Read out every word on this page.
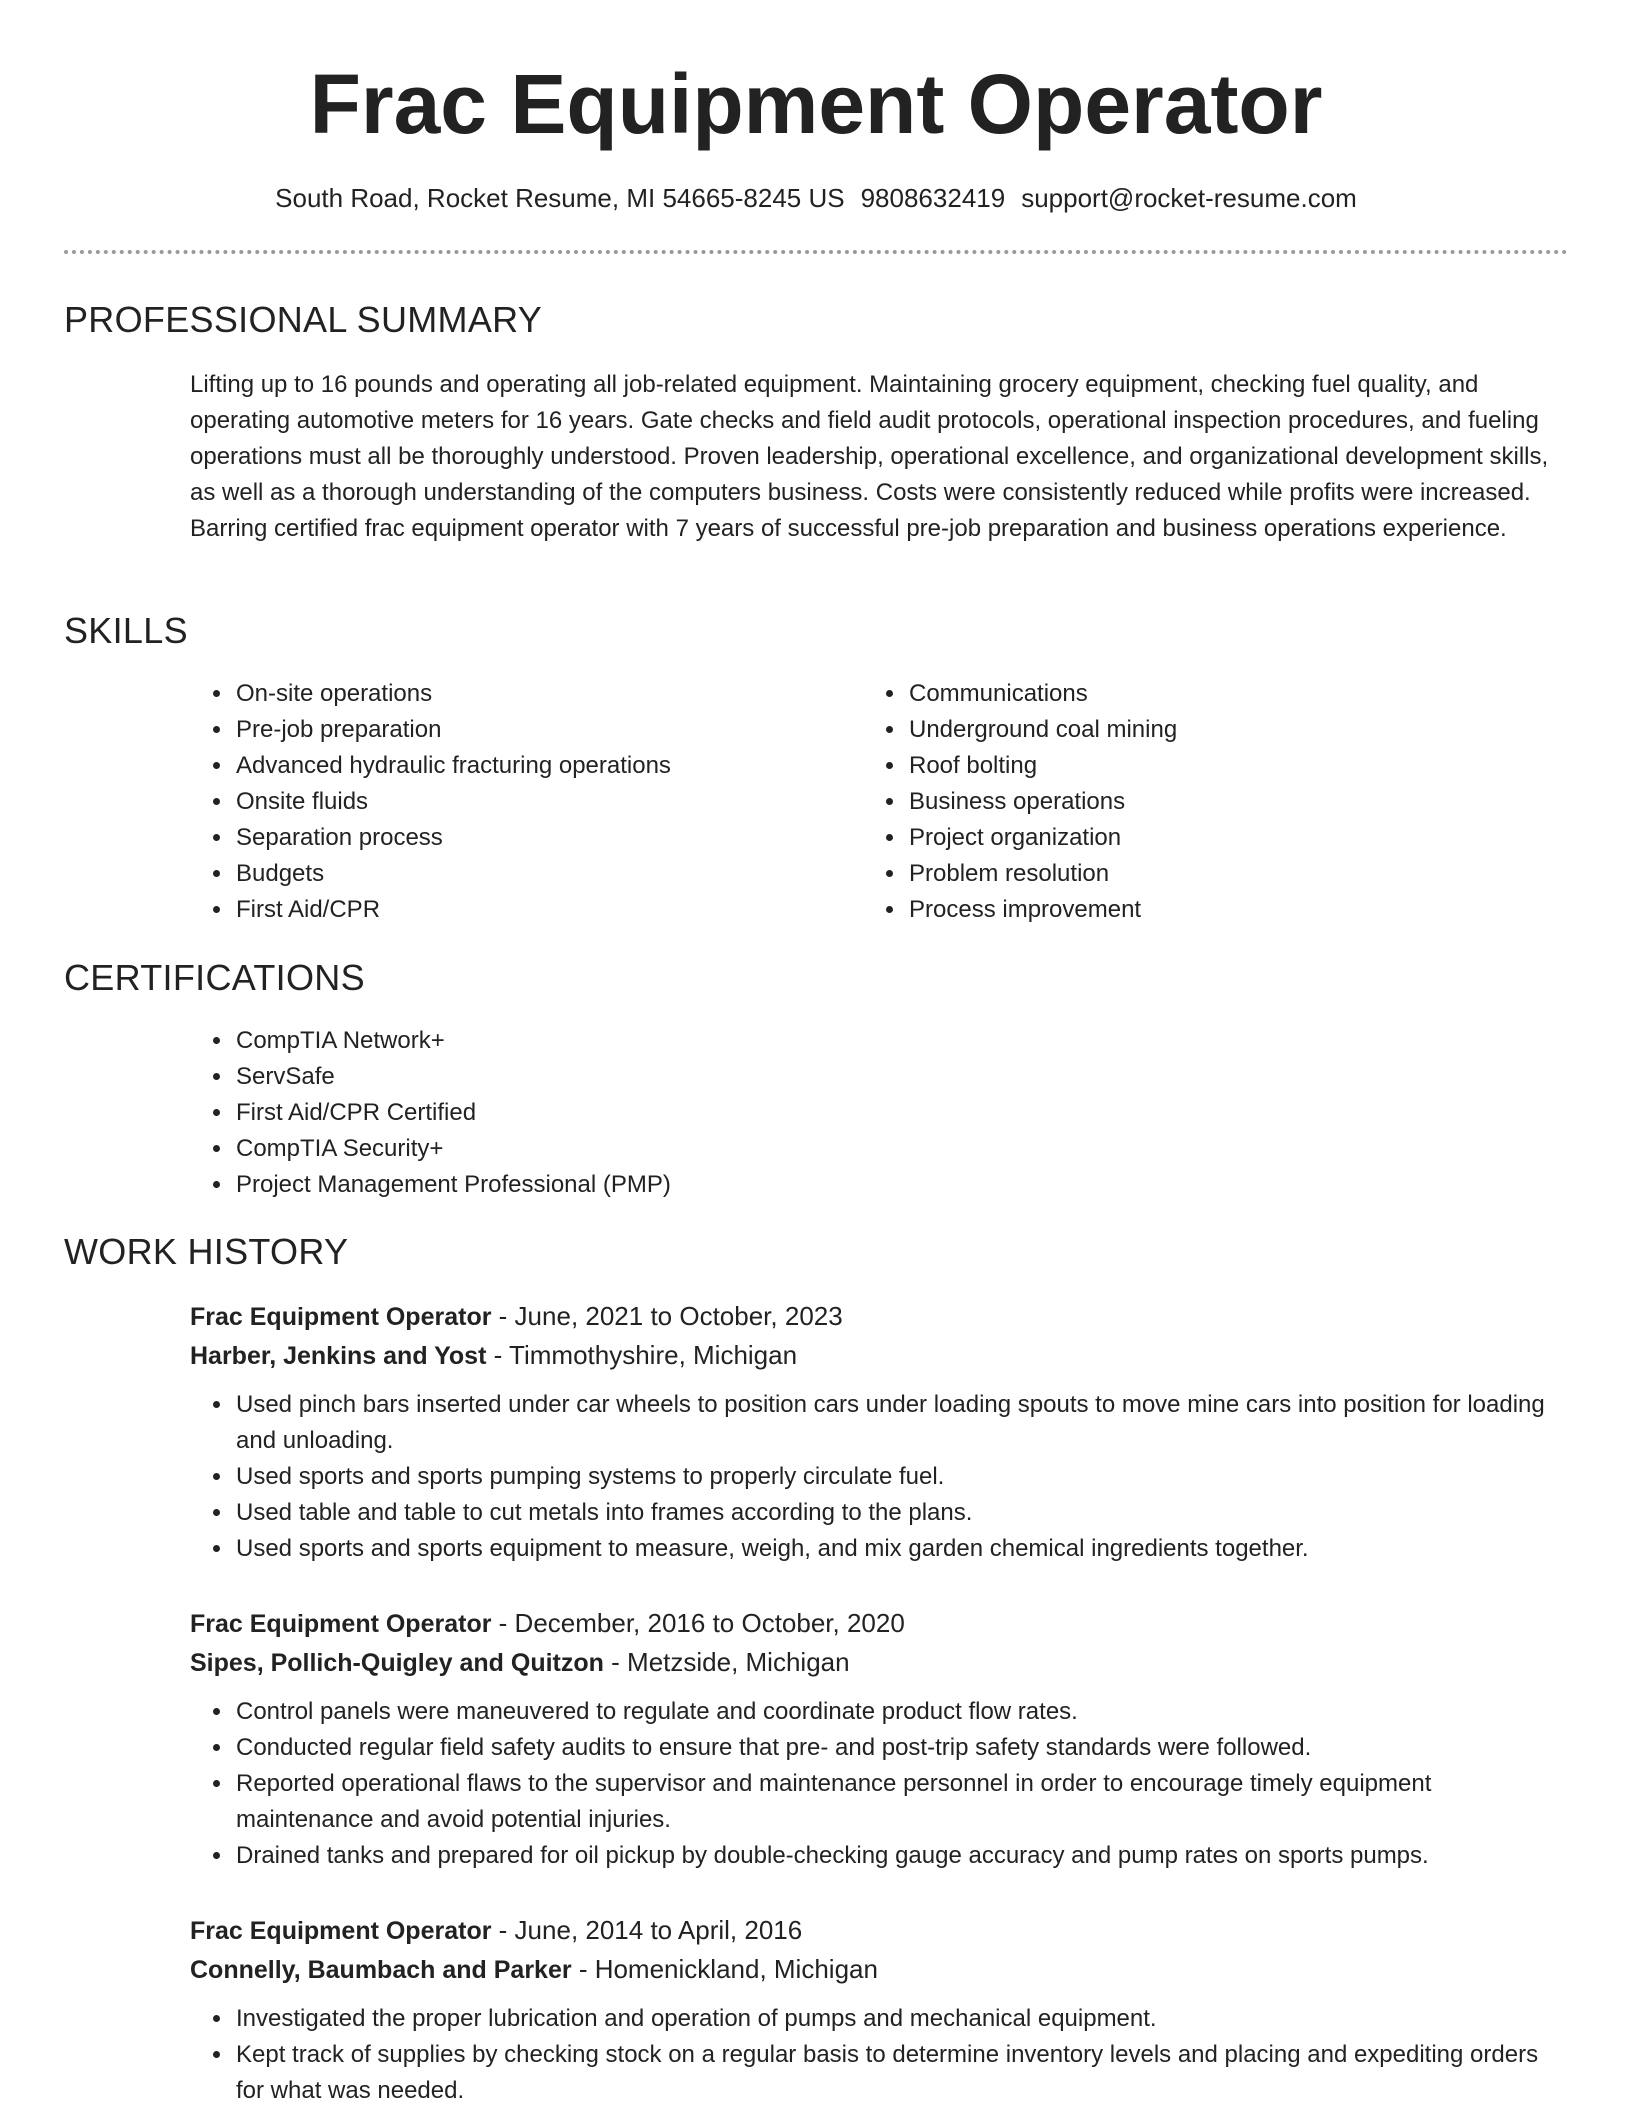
Frac Equipment Operator
South Road, Rocket Resume, MI 54665-8245 US 9808632419 support@rocket-resume.com
PROFESSIONAL SUMMARY

Lifting up to 16 pounds and operating all job-related equipment. Maintaining grocery equipment, checking fuel quality, and operating automotive meters for 16 years. Gate checks and field audit protocols, operational inspection procedures, and fueling operations must all be thoroughly understood. Proven leadership, operational excellence, and organizational development skills, as well as a thorough understanding of the computers business. Costs were consistently reduced while profits were increased. Barring certified frac equipment operator with 7 years of successful pre-job preparation and business operations experience.

SKILLS
• On-site operations
• Pre-job preparation
• Advanced hydraulic fracturing operations
• Onsite fluids
• Separation process
• Budgets
• First Aid/CPR
• Communications
• Underground coal mining
• Roof bolting
• Business operations
• Project organization
• Problem resolution
• Process improvement
CERTIFICATIONS
• CompTIA Network+
• ServSafe
• First Aid/CPR Certified
• CompTIA Security+
• Project Management Professional (PMP)
WORK HISTORY
Frac Equipment Operator - June, 2021 to October, 2023
Harber, Jenkins and Yost - Timmothyshire, Michigan
• Used pinch bars inserted under car wheels to position cars under loading spouts to move mine cars into position for loading and unloading.
• Used sports and sports pumping systems to properly circulate fuel.
• Used table and table to cut metals into frames according to the plans.
• Used sports and sports equipment to measure, weigh, and mix garden chemical ingredients together.
Frac Equipment Operator - December, 2016 to October, 2020
Sipes, Pollich-Quigley and Quitzon - Metzside, Michigan
• Control panels were maneuvered to regulate and coordinate product flow rates.
• Conducted regular field safety audits to ensure that pre- and post-trip safety standards were followed.
• Reported operational flaws to the supervisor and maintenance personnel in order to encourage timely equipment maintenance and avoid potential injuries.
• Drained tanks and prepared for oil pickup by double-checking gauge accuracy and pump rates on sports pumps.
Frac Equipment Operator - June, 2014 to April, 2016
Connelly, Baumbach and Parker - Homenickland, Michigan
• Investigated the proper lubrication and operation of pumps and mechanical equipment.
• Kept track of supplies by checking stock on a regular basis to determine inventory levels and placing and expediting orders for what was needed.
